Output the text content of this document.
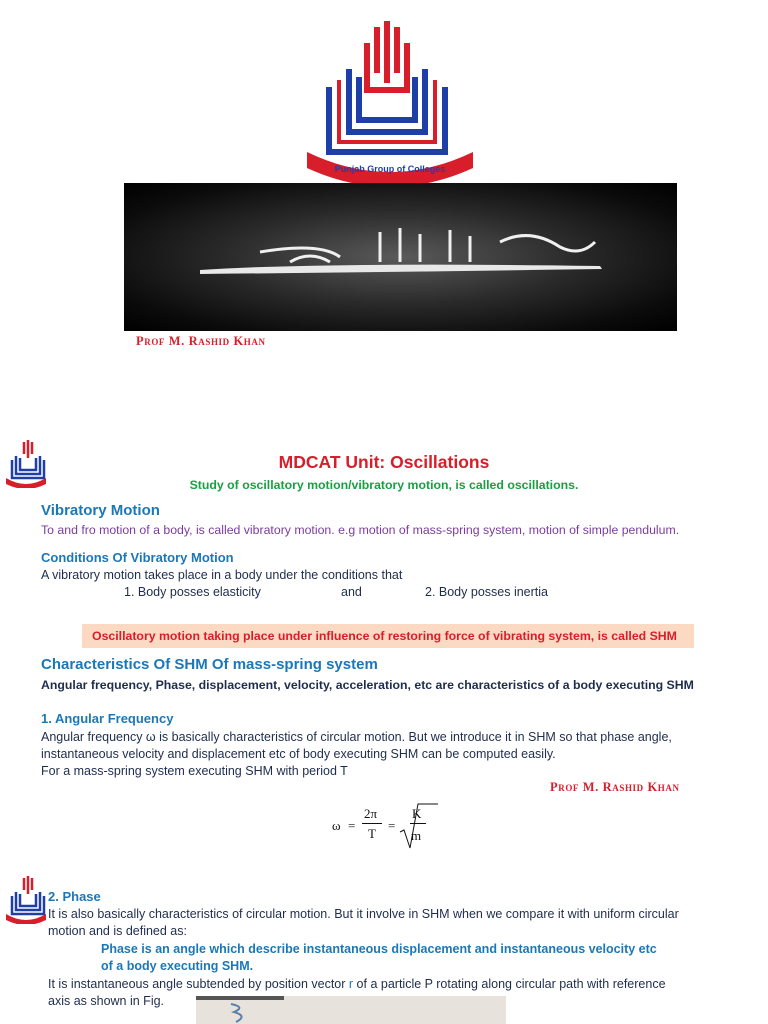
Punjab Group of Colleges
Prof M. Rashid Khan
MDCAT Unit: Oscillations
Study of oscillatory motion/vibratory motion, is called oscillations.
Vibratory Motion
To and fro motion of a body, is called vibratory motion. e.g motion of mass-spring system, motion of simple pendulum.
Conditions Of Vibratory Motion
A vibratory motion takes place in a body under the conditions that
1. Body posses elasticity	and	2. Body posses inertia
Oscillatory motion taking place under influence of restoring force of vibrating system, is called SHM
Characteristics Of SHM Of mass-spring system
Angular frequency, Phase, displacement, velocity, acceleration, etc are characteristics of a body executing SHM
1. Angular Frequency
Angular frequency ω is basically characteristics of circular motion. But we introduce it in SHM so that phase angle,
instantaneous velocity and displacement etc of body executing SHM can be computed easily.
For a mass-spring system executing SHM with period T
Prof M. Rashid Khan
ω =
2π
T
=
K
m
2. Phase
It is also basically characteristics of circular motion. But it involve in SHM when we compare it with uniform circular
motion and is defined as:
Phase is an angle which describe instantaneous displacement and instantaneous velocity etc
of a body executing SHM.
It is instantaneous angle subtended by position vector r of a particle P rotating along circular path with reference
axis as shown in Fig.
